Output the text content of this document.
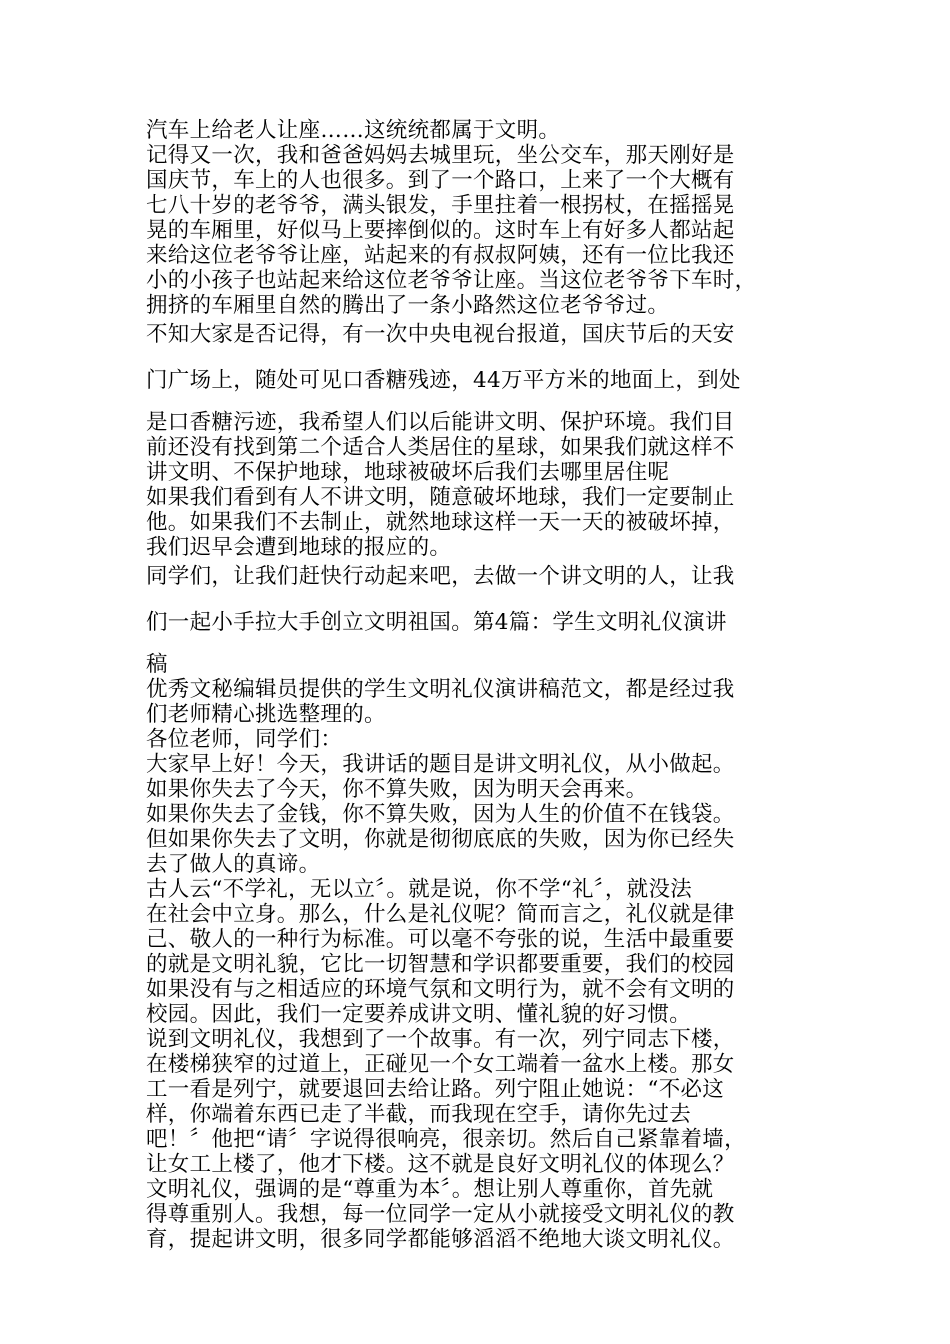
汽车上给老人让座……这统统都属于文明。
记得又一次，我和爸爸妈妈去城里玩，坐公交车，那天刚好是
国庆节，车上的人也很多。到了一个路口，上来了一个大概有
七八十岁的老爷爷，满头银发，手里拄着一根拐杖，在摇摇晃
晃的车厢里，好似马上要摔倒似的。这时车上有好多人都站起
来给这位老爷爷让座，站起来的有叔叔阿姨，还有一位比我还
小的小孩子也站起来给这位老爷爷让座。当这位老爷爷下车时，
拥挤的车厢里自然的腾出了一条小路然这位老爷爷过。
不知大家是否记得，有一次中央电视台报道，国庆节后的天安
门广场上，随处可见口香糖残迹，44万平方米的地面上，到处
是口香糖污迹，我希望人们以后能讲文明、保护环境。我们目
前还没有找到第二个适合人类居住的星球，如果我们就这样不
讲文明、不保护地球，地球被破坏后我们去哪里居住呢
如果我们看到有人不讲文明，随意破坏地球，我们一定要制止
他。如果我们不去制止，就然地球这样一天一天的被破坏掉，
我们迟早会遭到地球的报应的。
同学们，让我们赶快行动起来吧，去做一个讲文明的人，让我
们一起小手拉大手创立文明祖国。第4篇：学生文明礼仪演讲
稿
优秀文秘编辑员提供的学生文明礼仪演讲稿范文，都是经过我
们老师精心挑选整理的。
各位老师，同学们：
大家早上好！今天，我讲话的题目是讲文明礼仪，从小做起。
如果你失去了今天，你不算失败，因为明天会再来。
如果你失去了金钱，你不算失败，因为人生的价值不在钱袋。
但如果你失去了文明，你就是彻彻底底的失败，因为你已经失
去了做人的真谛。
古人云“不学礼，无以立〞。就是说，你不学“礼〞，就没法
在社会中立身。那么，什么是礼仪呢？简而言之，礼仪就是律
己、敬人的一种行为标准。可以毫不夸张的说，生活中最重要
的就是文明礼貌，它比一切智慧和学识都要重要，我们的校园
如果没有与之相适应的环境气氛和文明行为，就不会有文明的
校园。因此，我们一定要养成讲文明、懂礼貌的好习惯。
说到文明礼仪，我想到了一个故事。有一次，列宁同志下楼，
在楼梯狭窄的过道上，正碰见一个女工端着一盆水上楼。那女
工一看是列宁，就要退回去给让路。列宁阻止她说：“不必这
样，你端着东西已走了半截，而我现在空手，请你先过去
吧！〞他把“请〞字说得很响亮，很亲切。然后自己紧靠着墙，
让女工上楼了，他才下楼。这不就是良好文明礼仪的体现么？
文明礼仪，强调的是“尊重为本〞。想让别人尊重你，首先就
得尊重别人。我想，每一位同学一定从小就接受文明礼仪的教
育，提起讲文明，很多同学都能够滔滔不绝地大谈文明礼仪。
